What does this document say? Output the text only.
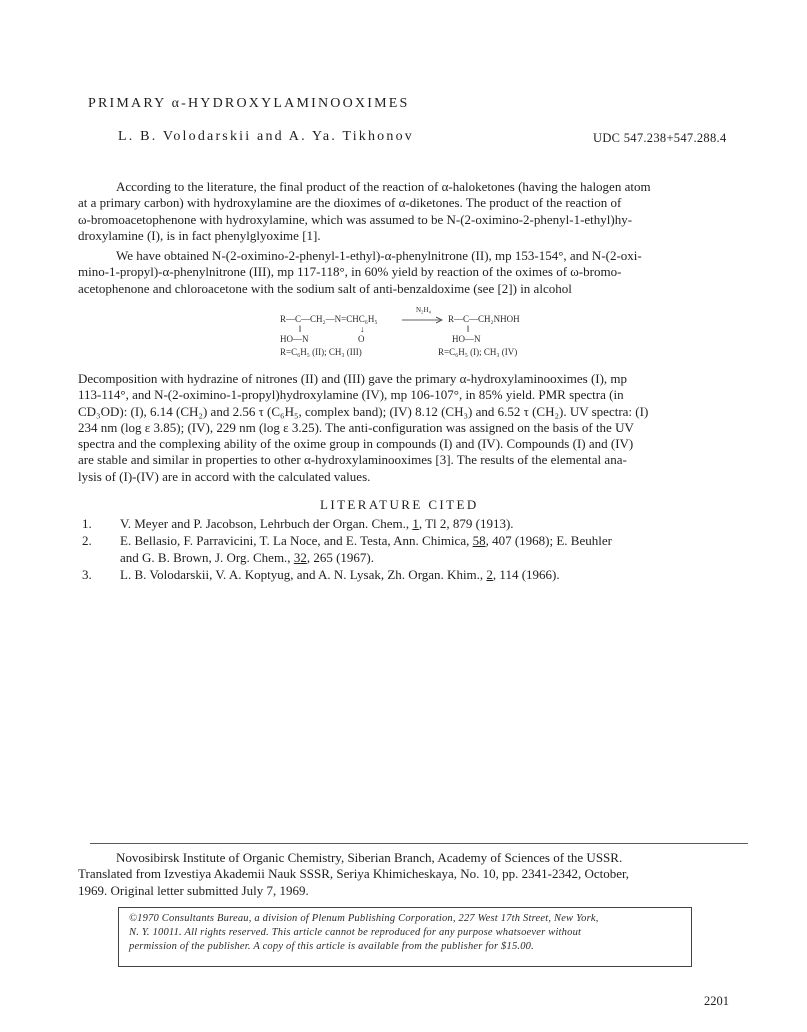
PRIMARY α-HYDROXYLAMINOOXIMES
L. B. Volodarskii and A. Ya. Tikhonov	UDC 547.238+547.288.4
According to the literature, the final product of the reaction of α-haloketones (having the halogen atom
at a primary carbon) with hydroxylamine are the dioximes of α-diketones. The product of the reaction of
ω-bromoacetophenone with hydroxylamine, which was assumed to be N-(2-oximino-2-phenyl-1-ethyl)hy-
droxylamine (I), is in fact phenylglyoxime [1].
We have obtained N-(2-oximino-2-phenyl-1-ethyl)-α-phenylnitrone (II), mp 153-154°, and N-(2-oxi-
mino-1-propyl)-α-phenylnitrone (III), mp 117-118°, in 60% yield by reaction of the oximes of ω-bromo-
acetophenone and chloroacetone with the sodium salt of anti-benzaldoxime (see [2]) in alcohol
R—C—CH₂—N=CHC₆H₅
N₂H₄
R—C—CH₂NHOH
‖	↓	‖
HO—N	O	HO—N
R=C₆H₅ (II); CH₃ (III)	R=C₆H₅ (I); CH₃ (IV)
Decomposition with hydrazine of nitrones (II) and (III) gave the primary α-hydroxylaminooximes (I), mp
113-114°, and N-(2-oximino-1-propyl)hydroxylamine (IV), mp 106-107°, in 85% yield. PMR spectra (in
CD₃OD): (I), 6.14 (CH₂) and 2.56 τ (C₆H₅, complex band); (IV) 8.12 (CH₃) and 6.52 τ (CH₂). UV spectra: (I)
234 nm (log ε 3.85); (IV), 229 nm (log ε 3.25). The anti-configuration was assigned on the basis of the UV
spectra and the complexing ability of the oxime group in compounds (I) and (IV). Compounds (I) and (IV)
are stable and similar in properties to other α-hydroxylaminooximes [3]. The results of the elemental ana-
lysis of (I)-(IV) are in accord with the calculated values.
LITERATURE CITED
1. V. Meyer and P. Jacobson, Lehrbuch der Organ. Chem., 1, Tl 2, 879 (1913).
2. E. Bellasio, F. Parravicini, T. La Noce, and E. Testa, Ann. Chimica, 58, 407 (1968); E. Beuhler
and G. B. Brown, J. Org. Chem., 32, 265 (1967).
3. L. B. Volodarskii, V. A. Koptyug, and A. N. Lysak, Zh. Organ. Khim., 2, 114 (1966).
Novosibirsk Institute of Organic Chemistry, Siberian Branch, Academy of Sciences of the USSR.
Translated from Izvestiya Akademii Nauk SSSR, Seriya Khimicheskaya, No. 10, pp. 2341-2342, October,
1969. Original letter submitted July 7, 1969.
©1970 Consultants Bureau, a division of Plenum Publishing Corporation, 227 West 17th Street, New York,
N. Y. 10011. All rights reserved. This article cannot be reproduced for any purpose whatsoever without
permission of the publisher. A copy of this article is available from the publisher for $15.00.
2201
